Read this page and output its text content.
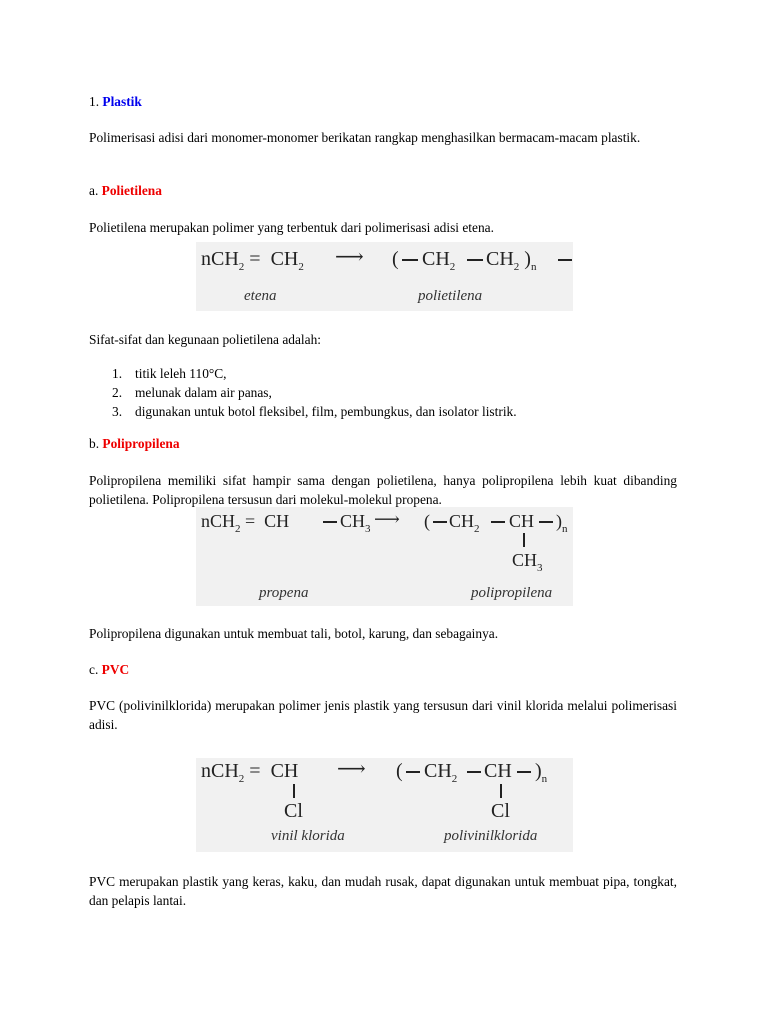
1. Plastik

Polimerisasi adisi dari monomer-monomer berikatan rangkap menghasilkan bermacam-macam plastik.

a. Polietilena

Polietilena merupakan polimer yang terbentuk dari polimerisasi adisi etena.

$nCH_2 = CH_2$ ⟶ ( $CH_2$ $CH_2$ )$_n$
etena	polietilena

Sifat-sifat dan kegunaan polietilena adalah:

1. titik leleh 110°C,
2. melunak dalam air panas,
3. digunakan untuk botol fleksibel, film, pembungkus, dan isolator listrik.

b. Polipropilena

Polipropilena memiliki sifat hampir sama dengan polietilena, hanya polipropilena lebih kuat dibanding polietilena. Polipropilena tersusun dari molekul-molekul propena.

nCH$_2$ =  CH	$CH_3$ ⟶ ( $CH_2$ CH )$_n$
$CH_3$
propena	polipropilena

Polipropilena digunakan untuk membuat tali, botol, karung, dan sebagainya.

c. PVC

PVC (polivinilklorida) merupakan polimer jenis plastik yang tersusun dari vinil klorida melalui polimerisasi adisi.

nCH$_2$ =  CH ⟶ ( $CH_2$ CH )$_n$
Cl	Cl
vinil klorida	polivinilklorida

PVC merupakan plastik yang keras, kaku, dan mudah rusak, dapat digunakan untuk membuat pipa, tongkat, dan pelapis lantai.
